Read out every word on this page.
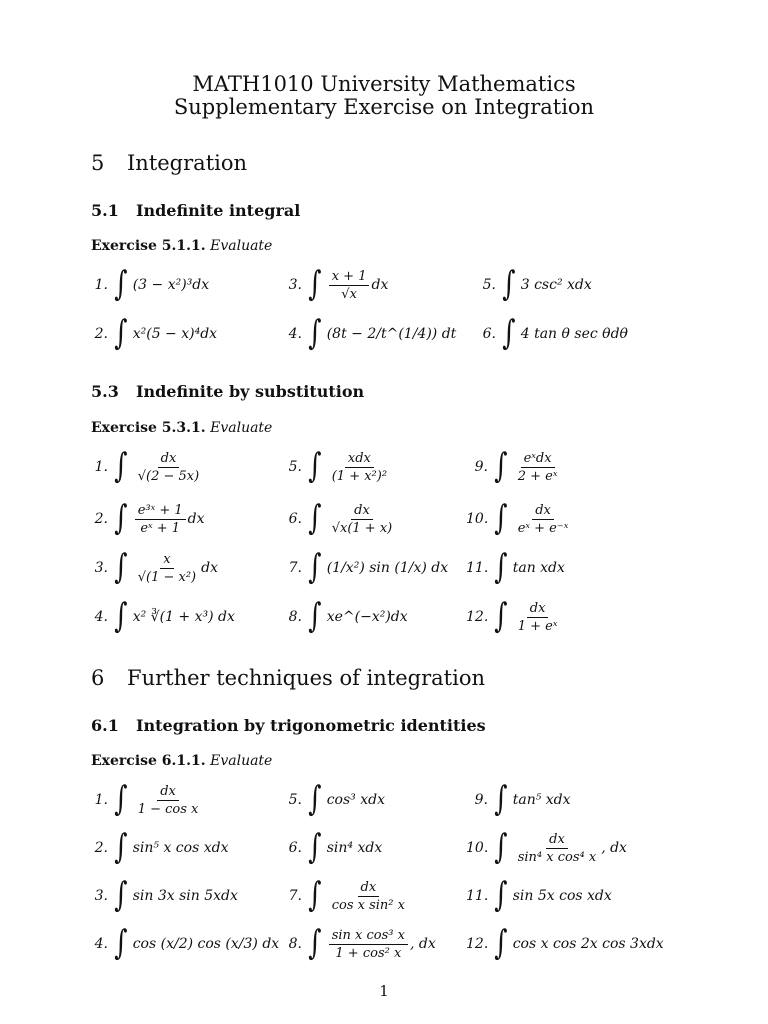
MATH1010 University Mathematics
Supplementary Exercise on Integration
5 Integration
5.1 Indefinite integral
Exercise 5.1.1. Evaluate
1. ∫ (3 − x²)³dx
2. ∫ x²(5 − x)⁴dx
3. ∫ $\frac{x + 1}{√x}$ dx
4. ∫ (8t − 2/t^(1/4)) dt
5. ∫ 3 csc² xdx
6. ∫ 4 tan θ sec θdθ
5.3 Indefinite by substitution
Exercise 5.3.1. Evaluate
1. ∫ $\frac{dx}{√(2 - 5x)}$
2. ∫ $\frac{\text{e³ˣ + 1}}{\text{eˣ + 1}}$ dx
3. ∫ $\frac{x}{\text{√(1 − x²)}}$ dx
4. ∫ x² ∛(1 + x³) dx
5. ∫ $\frac{\text{xdx}}{\text{(1 + x²)²}}$
6. ∫ $\frac{dx}{√x(1 + x)}$
7. ∫ (1/x²) sin (1/x) dx
8. ∫ xe^(−x²)dx
9. ∫ $\frac{\text{eˣdx}}{\text{2 + eˣ}}$
10. ∫ $\frac{dx}{\text{eˣ + e⁻ˣ}}$
11. ∫ tan xdx
12. ∫ $\frac{dx}{\text{1 + eˣ}}$
6 Further techniques of integration
6.1 Integration by trigonometric identities
Exercise 6.1.1. Evaluate
1. ∫ $\frac{dx}{\text{1 − cos x}}$
2. ∫ sin⁵ x cos xdx
3. ∫ sin 3x sin 5xdx
4. ∫ cos (x/2) cos (x/3) dx
5. ∫ cos³ xdx
6. ∫ sin⁴ xdx
7. ∫ $\frac{dx}{\text{cos x sin² x}}$
8. ∫ $\frac{\text{sin x cos³ x}}{\text{1 + cos² x}}$ , dx
9. ∫ tan⁵ xdx
10. ∫ $\frac{dx}{\text{sin⁴ x cos⁴ x}}$ , dx
11. ∫ sin 5x cos xdx
12. ∫ cos x cos 2x cos 3xdx
1
